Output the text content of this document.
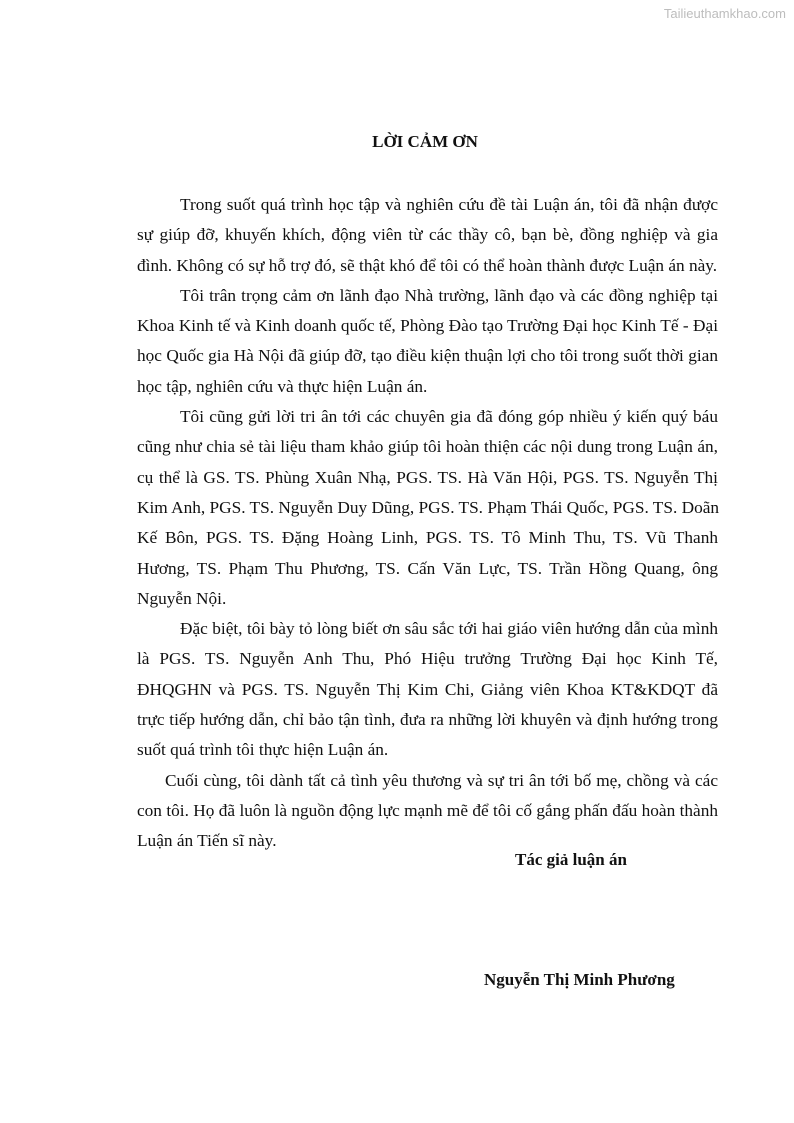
Tailieuthamkhao.com
LỜI CẢM ƠN
Trong suốt quá trình học tập và nghiên cứu đề tài Luận án, tôi đã nhận được
sự giúp đỡ, khuyến khích, động viên từ các thầy cô, bạn bè, đồng nghiệp và gia
đình. Không có sự hỗ trợ đó, sẽ thật khó để tôi có thể hoàn thành được Luận án này.
Tôi trân trọng cảm ơn lãnh đạo Nhà trường, lãnh đạo và các đồng nghiệp tại
Khoa Kinh tế và Kinh doanh quốc tế, Phòng Đào tạo Trường Đại học Kinh Tế - Đại
học Quốc gia Hà Nội đã giúp đỡ, tạo điều kiện thuận lợi cho tôi trong suốt thời gian
học tập, nghiên cứu và thực hiện Luận án.
Tôi cũng gửi lời tri ân tới các chuyên gia đã đóng góp nhiều ý kiến quý báu
cũng như chia sẻ tài liệu tham khảo giúp tôi hoàn thiện các nội dung trong Luận án,
cụ thể là GS. TS. Phùng Xuân Nhạ, PGS. TS. Hà Văn Hội, PGS. TS. Nguyễn Thị
Kim Anh, PGS. TS. Nguyễn Duy Dũng, PGS. TS. Phạm Thái Quốc, PGS. TS. Doãn
Kế Bôn, PGS. TS. Đặng Hoàng Linh, PGS. TS. Tô Minh Thu, TS. Vũ Thanh
Hương, TS. Phạm Thu Phương, TS. Cấn Văn Lực, TS. Trần Hồng Quang, ông
Nguyễn Nội.
Đặc biệt, tôi bày tỏ lòng biết ơn sâu sắc tới hai giáo viên hướng dẫn của mình
là PGS. TS. Nguyễn Anh Thu, Phó Hiệu trưởng Trường Đại học Kinh Tế,
ĐHQGHN và PGS. TS. Nguyễn Thị Kim Chi, Giảng viên Khoa KT&KDQT đã
trực tiếp hướng dẫn, chỉ bảo tận tình, đưa ra những lời khuyên và định hướng trong
suốt quá trình tôi thực hiện Luận án.
Cuối cùng, tôi dành tất cả tình yêu thương và sự tri ân tới bố mẹ, chồng và các
con tôi. Họ đã luôn là nguồn động lực mạnh mẽ để tôi cố gắng phấn đấu hoàn thành
Luận án Tiến sĩ này.
Tác giả luận án
Nguyễn Thị Minh Phương
